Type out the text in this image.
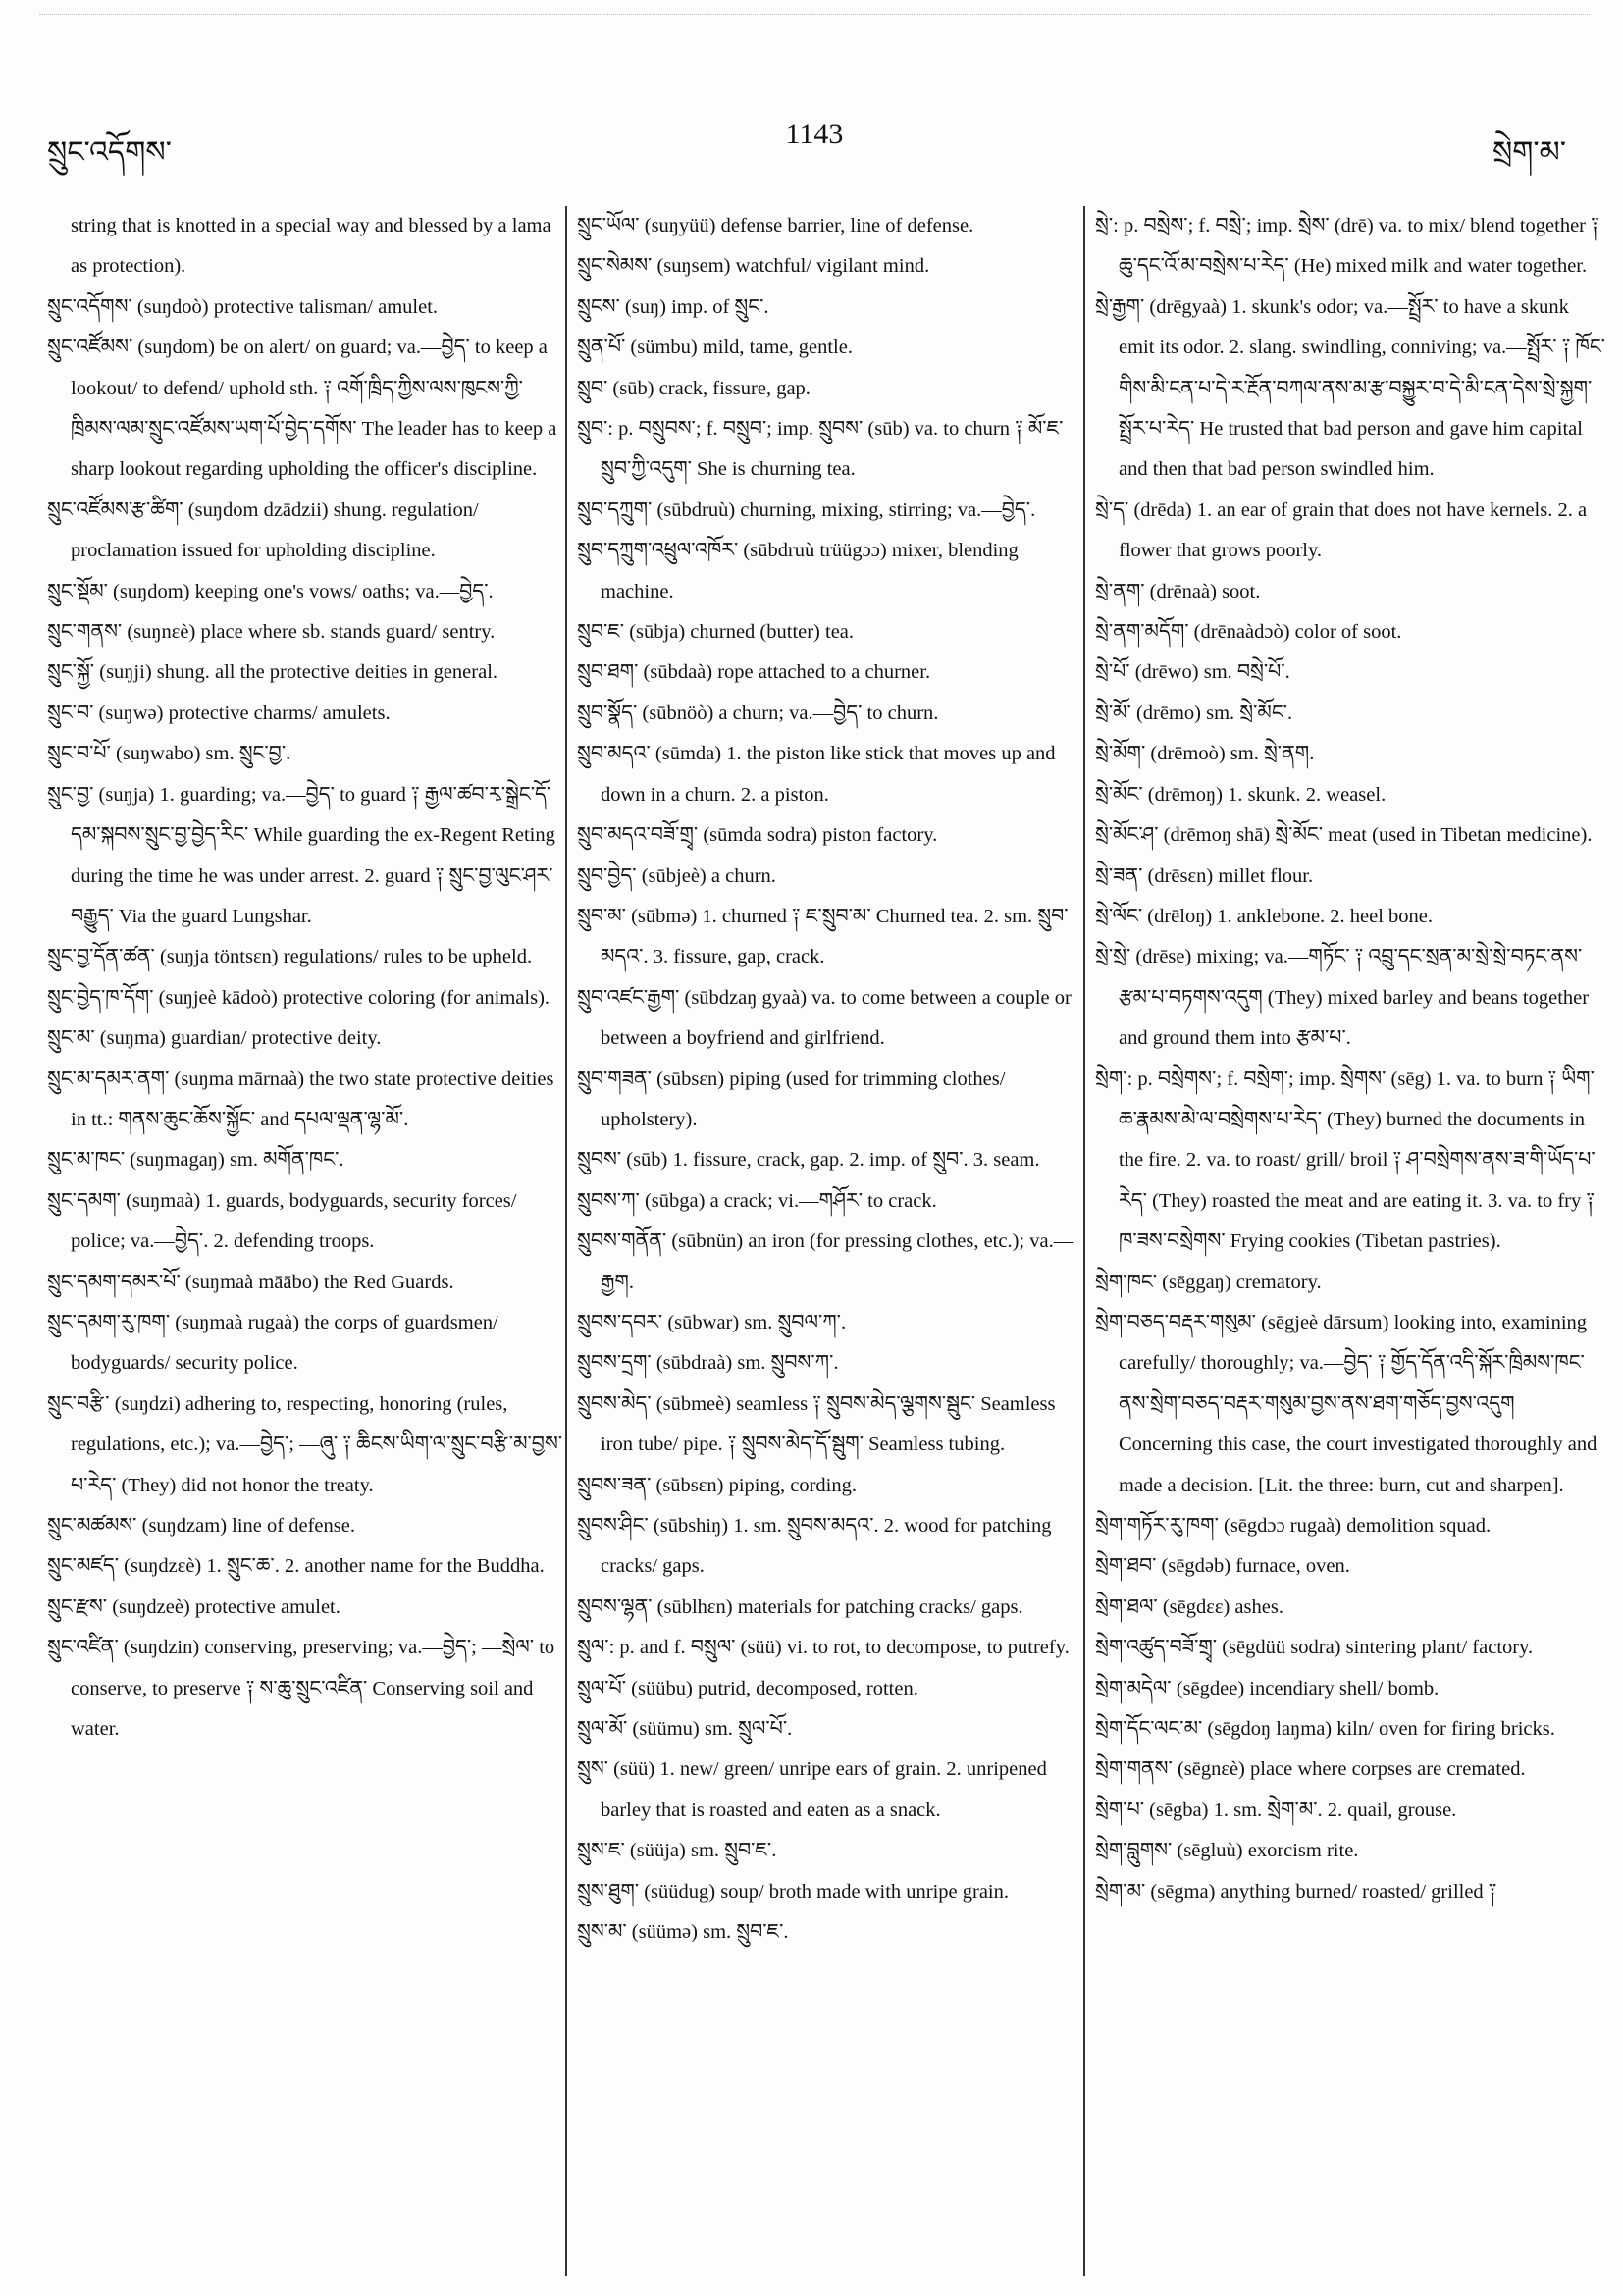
སྲུང་འདོགས་
1143
སྲེག་མ་

string that is knotted in a special way and blessed by a lama as protection).

སྲུང་འདོགས་ (suŋdoò) protective talisman/ amulet.

སྲུང་འཛོམས་ (suŋdom) be on alert/ on guard; va.—བྱེད་ to keep a lookout/ to defend/ uphold sth. ༑ འགོ་ཁྲིད་ཀྱིས་ལས་ཁུངས་ཀྱི་ཁྲིམས་ལམ་སྲུང་འཛོམས་ཡག་པོ་བྱེད་དགོས་ The leader has to keep a sharp lookout regarding upholding the officer's discipline.

སྲུང་འཛོམས་རྩ་ཚིག་ (suŋdom dzādzii) shung. regulation/ proclamation issued for upholding discipline.

སྲུང་སྡོམ་ (suŋdom) keeping one's vows/ oaths; va.—བྱེད་.

སྲུང་གནས་ (suŋnεè) place where sb. stands guard/ sentry.

སྲུང་སྐྱོ་ (suŋji) shung. all the protective deities in general.

སྲུང་བ་ (suŋwə) protective charms/ amulets.

སྲུང་བ་པོ་ (suŋwabo) sm. སྲུང་བྱ་.

སྲུང་བྱ་ (suŋja) 1. guarding; va.—བྱེད་ to guard ༑ རྒྱལ་ཚབ་རྭ་སྒྲེང་དོ་དམ་སྐབས་སྲུང་བྱ་བྱེད་རིང་ While guarding the ex-Regent Reting during the time he was under arrest. 2. guard ༑ སྲུང་བྱ་ལུང་ཤར་བརྒྱུད་ Via the guard Lungshar.

སྲུང་བྱ་དོན་ཚན་ (suŋja töntsεn) regulations/ rules to be upheld.

སྲུང་བྱེད་ཁ་དོག་ (suŋjeè kādoò) protective coloring (for animals).

སྲུང་མ་ (suŋma) guardian/ protective deity.

སྲུང་མ་དམར་ནག་ (suŋma mārnaà) the two state protective deities in tt.: གནས་ཆུང་ཆོས་སྐྱོང་ and དཔལ་ལྡན་ལྷ་མོ་.

སྲུང་མ་ཁང་ (suŋmagaŋ) sm. མགོན་ཁང་.

སྲུང་དམག་ (suŋmaà) 1. guards, bodyguards, security forces/ police; va.—བྱེད་. 2. defending troops.

སྲུང་དམག་དམར་པོ་ (suŋmaà māābo) the Red Guards.

སྲུང་དམག་རུ་ཁག་ (suŋmaà rugaà) the corps of guardsmen/ bodyguards/ security police.

སྲུང་བརྩི་ (suŋdzi) adhering to, respecting, honoring (rules, regulations, etc.); va.—བྱེད་; —ཞུ་ ༑ ཆིངས་ཡིག་ལ་སྲུང་བརྩི་མ་བྱས་པ་རེད་ (They) did not honor the treaty.

སྲུང་མཚམས་ (suŋdzam) line of defense.

སྲུང་མཛད་ (suŋdzεè) 1. སྲུང་ཆ་. 2. another name for the Buddha.

སྲུང་རྫས་ (suŋdzeè) protective amulet.

སྲུང་འཛིན་ (suŋdzin) conserving, preserving; va.—བྱེད་; —སྲེལ་ to conserve, to preserve ༑ ས་ཆུ་སྲུང་འཛིན་ Conserving soil and water.

སྲུང་ཡོལ་ (suŋyüü) defense barrier, line of defense.

སྲུང་སེམས་ (suŋsem) watchful/ vigilant mind.

སྲུངས་ (suŋ) imp. of སྲུང་.

སྲུན་པོ་ (sümbu) mild, tame, gentle.

སྲུབ་ (sūb) crack, fissure, gap.

སྲུབ་: p. བསྲུབས་; f. བསྲུབ་; imp. སྲུབས་ (sūb) va. to churn ༑ མོ་ཇ་སྲུབ་ཀྱི་འདུག་ She is churning tea.

སྲུབ་དཀྲུག་ (sūbdruù) churning, mixing, stirring; va.—བྱེད་.

སྲུབ་དཀྲུག་འཕྲུལ་འཁོར་ (sūbdruù trüügɔɔ) mixer, blending machine.

སྲུབ་ཇ་ (sūbja) churned (butter) tea.

སྲུབ་ཐག་ (sūbdaà) rope attached to a churner.

སྲུབ་སྣོད་ (sūbnöò) a churn; va.—བྱེད་ to churn.

སྲུབ་མདའ་ (sūmda) 1. the piston like stick that moves up and down in a churn. 2. a piston.

སྲུབ་མདའ་བཟོ་གྲྭ་ (sūmda sodra) piston factory.

སྲུབ་བྱེད་ (sūbjeè) a churn.

སྲུབ་མ་ (sūbmə) 1. churned ༑ ཇ་སྲུབ་མ་ Churned tea. 2. sm. སྲུབ་མདའ་. 3. fissure, gap, crack.

སྲུབ་འཛང་རྒྱག་ (sūbdzaŋ gyaà) va. to come between a couple or between a boyfriend and girlfriend.

སྲུབ་གཟན་ (sūbsεn) piping (used for trimming clothes/ upholstery).

སྲུབས་ (sūb) 1. fissure, crack, gap. 2. imp. of སྲུབ་. 3. seam.

སྲུབས་ཀ་ (sūbga) a crack; vi.—གཤོར་ to crack.

སྲུབས་གནོན་ (sūbnün) an iron (for pressing clothes, etc.); va.—རྒྱག.

སྲུབས་དབར་ (sūbwar) sm. སྲུབལ་ཀ་.

སྲུབས་དྲག་ (sūbdraà) sm. སྲུབས་ཀ་.

སྲུབས་མེད་ (sūbmeè) seamless ༑ སྲུབས་མེད་ལྕགས་སྦུང་ Seamless iron tube/ pipe. ༑ སྲུབས་མེད་དོ་སྦུག་ Seamless tubing.

སྲུབས་ཟན་ (sūbsεn) piping, cording.

སྲུབས་ཤིང་ (sūbshiŋ) 1. sm. སྲུབས་མདའ་. 2. wood for patching cracks/ gaps.

སྲུབས་ལྷན་ (sūblhεn) materials for patching cracks/ gaps.

སྲུལ་: p. and f. བསྲུལ་ (süü) vi. to rot, to decompose, to putrefy.

སྲུལ་པོ་ (süübu) putrid, decomposed, rotten.

སྲུལ་མོ་ (süümu) sm. སྲུལ་པོ་.

སྲུས་ (süü) 1. new/ green/ unripe ears of grain. 2. unripened barley that is roasted and eaten as a snack.

སྲུས་ཇ་ (süüja) sm. སྲུབ་ཇ་.

སྲུས་ཐུག་ (süüdug) soup/ broth made with unripe grain.

སྲུས་མ་ (süümə) sm. སྲུབ་ཇ་.

སྲེ་: p. བསྲེས་; f. བསྲེ་; imp. སྲེས་ (drē) va. to mix/ blend together ༑ ཆུ་དང་འོ་མ་བསྲེས་པ་རེད་ (He) mixed milk and water together.

སྲེ་རྒྱག་ (drēgyaà) 1. skunk's odor; va.—སྤྲོར་ to have a skunk emit its odor. 2. slang. swindling, conniving; va.—སྤྲོར་ ༑ ཁོང་གིས་མི་ངན་པ་དེ་ར་རྔོན་བཀལ་ནས་མ་རྩ་བསྐྱུར་བ་དེ་མི་ངན་དེས་སྲེ་སྐྱག་སྤྲོར་པ་རེད་ He trusted that bad person and gave him capital and then that bad person swindled him.

སྲེ་ད་ (drēda) 1. an ear of grain that does not have kernels. 2. a flower that grows poorly.

སྲེ་ནག་ (drēnaà) soot.

སྲེ་ནག་མདོག་ (drēnaàdɔò) color of soot.

སྲེ་པོ་ (drēwo) sm. བསྲེ་པོ་.

སྲེ་མོ་ (drēmo) sm. སྲེ་མོང་.

སྲེ་མོག་ (drēmoò) sm. སྲེ་ནག.

སྲེ་མོང་ (drēmoŋ) 1. skunk. 2. weasel.

སྲེ་མོང་ཤ་ (drēmoŋ shā) སྲེ་མོང་ meat (used in Tibetan medicine).

སྲེ་ཟན་ (drēsεn) millet flour.

སྲེ་ལོང་ (drēloŋ) 1. anklebone. 2. heel bone.

སྲེ་སྲེ་ (drēse) mixing; va.—གཏོང་ ༑ འབྲུ་དང་སྲན་མ་སྲེ་སྲེ་བཏང་ནས་རྩམ་པ་བཏགས་འདུག (They) mixed barley and beans together and ground them into རྩམ་པ་.

སྲེག་: p. བསྲེགས་; f. བསྲེག་; imp. སྲེགས་ (sēg) 1. va. to burn ༑ ཡིག་ཆ་རྣམས་མེ་ལ་བསྲེགས་པ་རེད་ (They) burned the documents in the fire. 2. va. to roast/ grill/ broil ༑ ཤ་བསྲེགས་ནས་ཟ་གི་ཡོད་པ་རེད་ (They) roasted the meat and are eating it. 3. va. to fry ༑ ཁ་ཟས་བསྲེགས་ Frying cookies (Tibetan pastries).

སྲེག་ཁང་ (sēggaŋ) crematory.

སྲེག་བཅད་བརྡར་གསུམ་ (sēgjeè dārsum) looking into, examining carefully/ thoroughly; va.—བྱེད་ ༑ གྱོད་དོན་འདི་སྐོར་ཁྲིམས་ཁང་ནས་སྲེག་བཅད་བརྡར་གསུམ་བྱས་ནས་ཐག་གཅོད་བྱས་འདུག Concerning this case, the court investigated thoroughly and made a decision. [Lit. the three: burn, cut and sharpen].

སྲེག་གཏོར་རུ་ཁག་ (sēgdɔɔ rugaà) demolition squad.

སྲེག་ཐབ་ (sēgdəb) furnace, oven.

སྲེག་ཐལ་ (sēgdεε) ashes.

སྲེག་འཚུད་བཟོ་གྲྭ་ (sēgdüü sodra) sintering plant/ factory.

སྲེག་མདེལ་ (sēgdee) incendiary shell/ bomb.

སྲེག་དོང་ལང་མ་ (sēgdoŋ laŋma) kiln/ oven for firing bricks.

སྲེག་གནས་ (sēgnεè) place where corpses are cremated.

སྲེག་པ་ (sēgba) 1. sm. སྲེག་མ་. 2. quail, grouse.

སྲེག་བླུགས་ (sēgluù) exorcism rite.

སྲེག་མ་ (sēgma) anything burned/ roasted/ grilled ༑
